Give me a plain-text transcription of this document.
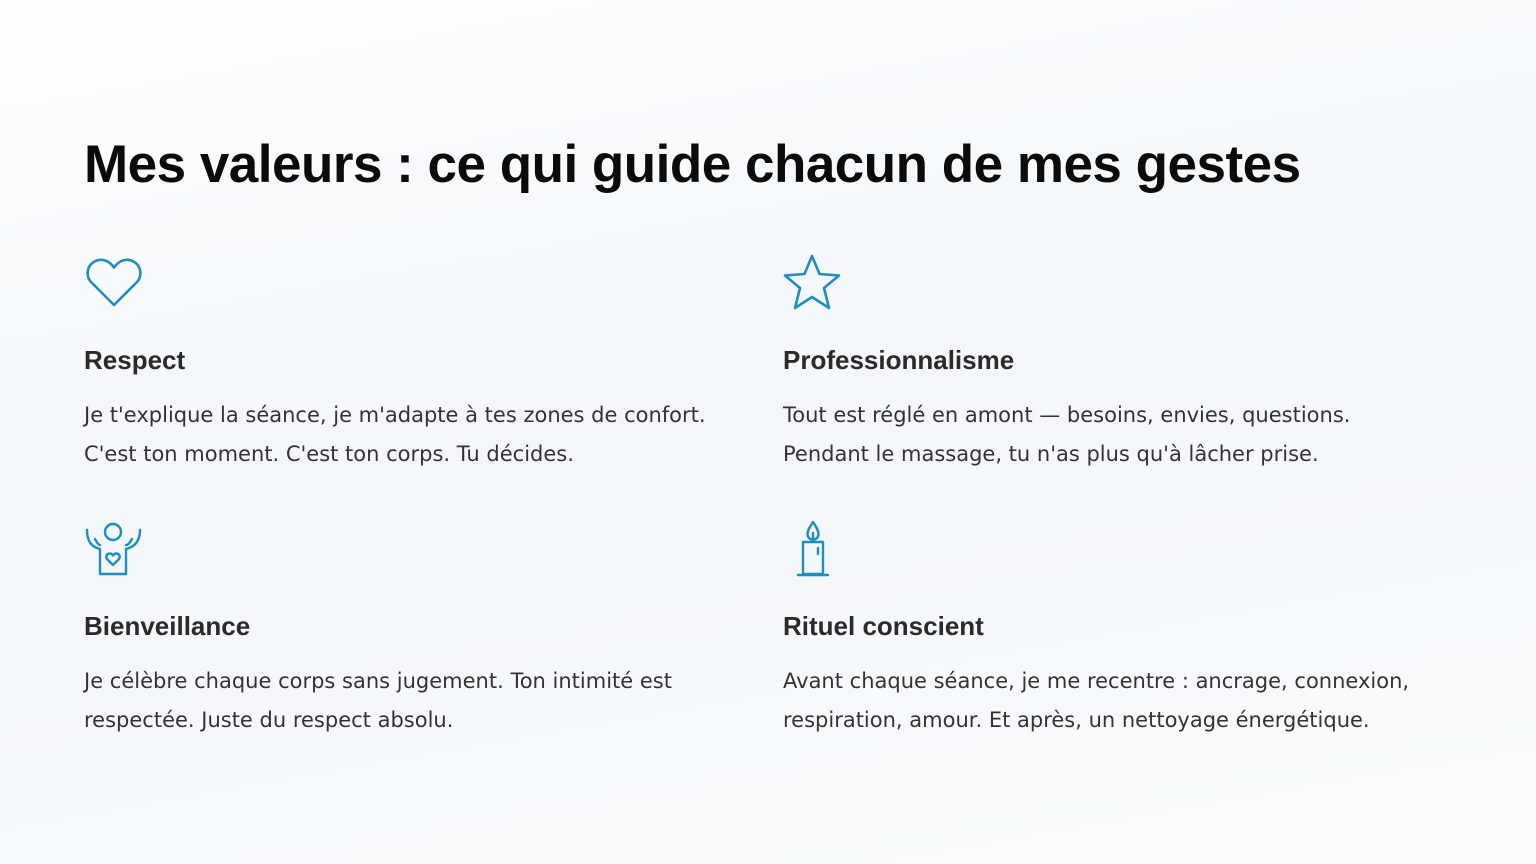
Mes valeurs : ce qui guide chacun de mes gestes
Respect

Je t'explique la séance, je m'adapte à tes zones de confort.
C'est ton moment. C'est ton corps. Tu décides.

Professionnalisme

Tout est réglé en amont — besoins, envies, questions.
Pendant le massage, tu n'as plus qu'à lâcher prise.

Bienveillance

Je célèbre chaque corps sans jugement. Ton intimité est
respectée. Juste du respect absolu.

Rituel conscient

Avant chaque séance, je me recentre : ancrage, connexion,
respiration, amour. Et après, un nettoyage énergétique.
